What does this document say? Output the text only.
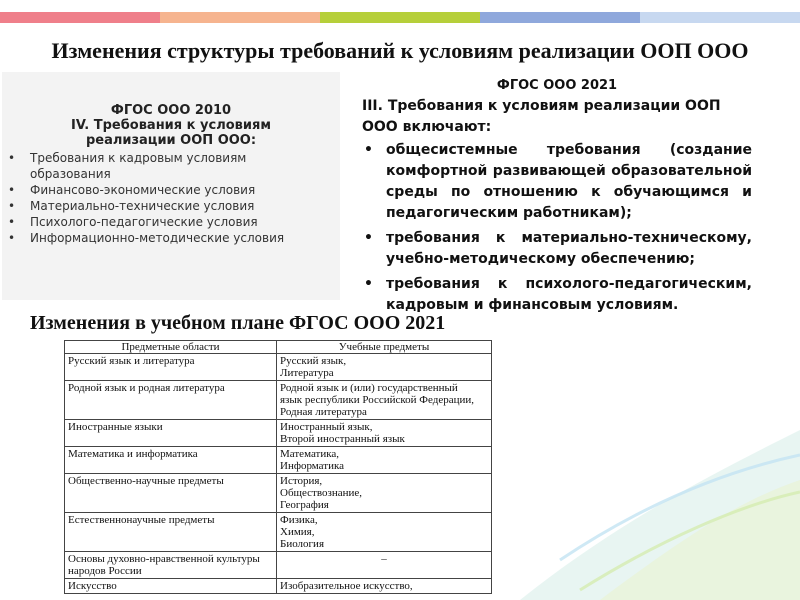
Изменения структуры требований к условиям реализации ООП ООО
ФГОС ООО 2010
IV. Требования к условиям
реализации ООП ООО:
• Требования к кадровым условиям образования
• Финансово-экономические условия
• Материально-технические условия
• Психолого-педагогические условия
• Информационно-методические условия
ФГОС ООО 2021
III. Требования к условиям реализации ООП ООО включают:
• общесистемные требования (создание комфортной развивающей образовательной среды по отношению к обучающимся и педагогическим работникам);
• требования к материально-техническому, учебно-методическому обеспечению;
• требования к психолого-педагогическим, кадровым и финансовым условиям.
Изменения в учебном плане ФГОС ООО 2021
Предметные области	Учебные предметы
Русский язык и литература	Русский язык,
Литература

Родной язык и родная литература	Родной язык и (или) государственный
язык республики Российской Федерации,
Родная литература

Иностранные языки	Иностранный язык,
Второй иностранный язык

Математика и информатика	Математика,
Информатика

Общественно-научные предметы	История,
Обществознание,
География

Естественнонаучные предметы	Физика,
Химия,
Биология

Основы духовно-нравственной культуры народов России	–

Искусство	Изобразительное искусство,
